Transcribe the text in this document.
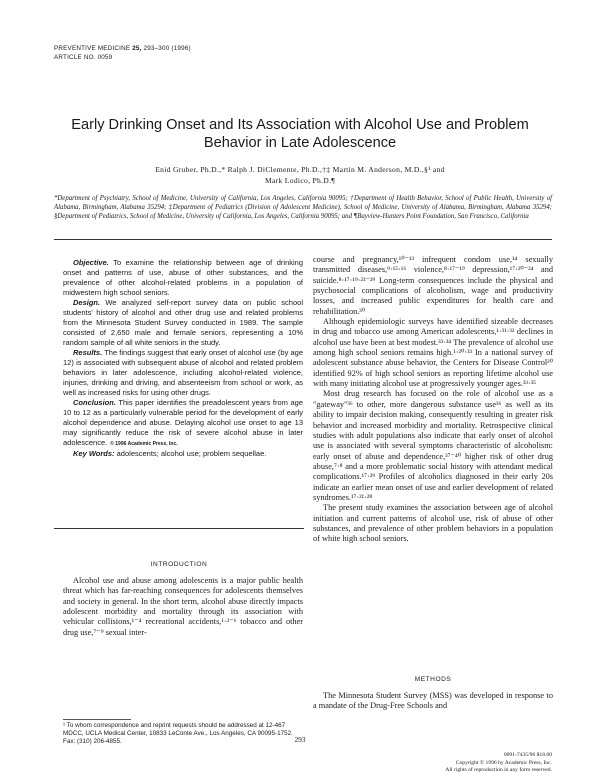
PREVENTIVE MEDICINE 25, 293–300 (1996)
ARTICLE NO. 0059
Early Drinking Onset and Its Association with Alcohol Use and Problem Behavior in Late Adolescence
Enid Gruber, Ph.D.,* Ralph J. DiClemente, Ph.D.,†‡ Martin M. Anderson, M.D.,§¹ and
Mark Lodico, Ph.D.¶
*Department of Psychiatry, School of Medicine, University of California, Los Angeles, California 90095; †Department of Health Behavior, School of Public Health, University of Alabama, Birmingham, Alabama 35294; ‡Department of Pediatrics (Division of Adolescent Medicine), School of Medicine, University of Alabama, Birmingham, Alabama 35294; §Department of Pediatrics, School of Medicine, University of California, Los Angeles, California 90095; and ¶Bayview-Hunters Point Foundation, San Francisco, California

Objective. To examine the relationship between age of drinking onset and patterns of use, abuse of other substances, and the prevalence of other alcohol-related problems in a population of midwestern high school seniors.

Design. We analyzed self-report survey data on public school students' history of alcohol and other drug use and related problems from the Minnesota Student Survey conducted in 1989. The sample consisted of 2,650 male and female seniors, representing a 10% random sample of all white seniors in the study.

Results. The findings suggest that early onset of alcohol use (by age 12) is associated with subsequent abuse of alcohol and related problem behaviors in later adolescence, including alcohol-related violence, injuries, drinking and driving, and absenteeism from school or work, as well as increased risks for using other drugs.

Conclusion. This paper identifies the preadolescent years from age 10 to 12 as a particularly vulnerable period for the development of early alcohol dependence and abuse. Delaying alcohol use onset to age 13 may significantly reduce the risk of severe alcohol abuse in later adolescence. © 1996 Academic Press, Inc.

Key Words: adolescents; alcohol use; problem sequellae.

INTRODUCTION

Alcohol use and abuse among adolescents is a major public health threat which has far-reaching consequences for adolescents themselves and society in general. In the short term, alcohol abuse directly impacts adolescent morbidity and mortality through its association with vehicular collisions,¹⁻⁴ recreational accidents,¹·³⁻⁶ tobacco and other drug use,⁷⁻⁹ sexual inter-

¹ To whom correspondence and reprint requests should be addressed at 12-467 MDCC, UCLA Medical Center, 10833 LeConte Ave., Los Angeles, CA 90095-1752. Fax: (310) 206-4855.

course and pregnancy,¹⁰⁻¹³ infrequent condom use,¹⁴ sexually transmitted diseases,⁹·¹⁵·¹⁶ violence,⁸·¹⁷⁻¹⁹ depression,¹⁷·²⁰⁻²⁴ and suicide.⁸·¹⁷·¹⁹·²³⁻²⁹ Long-term consequences include the physical and psychosocial complications of alcoholism, wage and productivity losses, and increased public expenditures for health care and rehabilitation.³⁰

Although epidemiologic surveys have identified sizeable decreases in drug and tobacco use among American adolescents,¹·³¹·³² declines in alcohol use have been at best modest.³³·³⁴ The prevalence of alcohol use among high school seniors remains high.¹·²⁰·³³ In a national survey of adolescent substance abuse behavior, the Centers for Disease Control²⁰ identified 92% of high school seniors as reporting lifetime alcohol use with many initiating alcohol use at progressively younger ages.³³·³⁵

Most drug research has focused on the role of alcohol use as a "gateway"³⁶ to other, more dangerous substance use³⁶ as well as its ability to impair decision making, consequently resulting in greater risk behavior and increased morbidity and mortality. Retrospective clinical studies with adult populations also indicate that early onset of alcohol use is associated with several symptoms characteristic of alcoholism: early onset of abuse and dependence,³⁷⁻⁴⁰ higher risk of other drug abuse,⁷·⁸ and a more problematic social history with attendant medical complications.¹⁷·²⁹ Profiles of alcoholics diagnosed in their early 20s indicate an earlier mean onset of use and earlier development of related syndromes.¹⁷·²¹·²⁸

The present study examines the association between age of alcohol initiation and current patterns of alcohol use, risk of abuse of other substances, and prevalence of other problem behaviors in a population of white high school seniors.

METHODS

The Minnesota Student Survey (MSS) was developed in response to a mandate of the Drug-Free Schools and

293
0091-7435/96 $18.00
Copyright © 1996 by Academic Press, Inc.
All rights of reproduction in any form reserved.
